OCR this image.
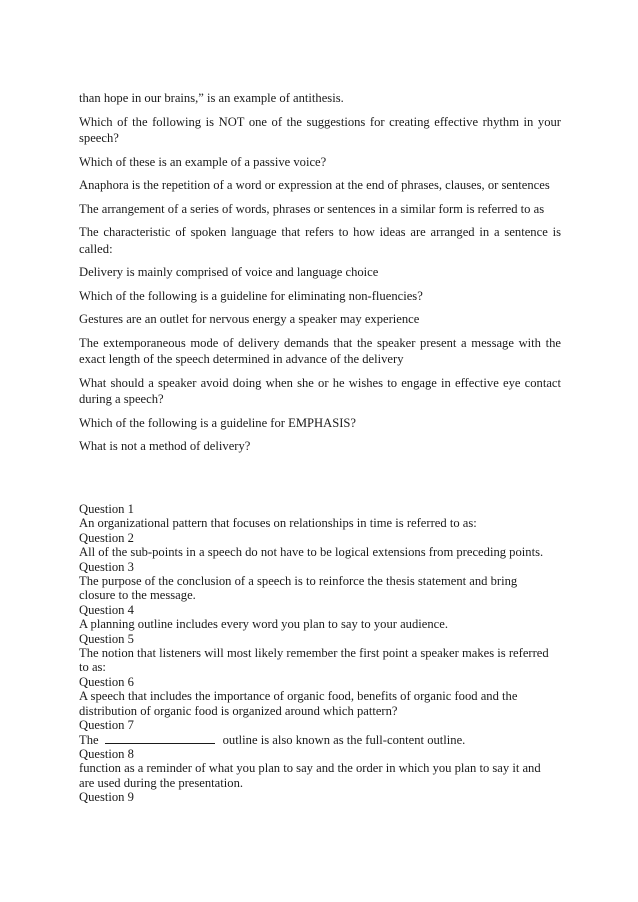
than hope in our brains,” is an example of antithesis.

Which of the following is NOT one of the suggestions for creating effective rhythm in your speech?

Which of these is an example of a passive voice?

Anaphora is the repetition of a word or expression at the end of phrases, clauses, or sentences

The arrangement of a series of words, phrases or sentences in a similar form is referred to as

The characteristic of spoken language that refers to how ideas are arranged in a sentence is called:

Delivery is mainly comprised of voice and language choice

Which of the following is a guideline for eliminating non-fluencies?

Gestures are an outlet for nervous energy a speaker may experience

The extemporaneous mode of delivery demands that the speaker present a message with the exact length of the speech determined in advance of the delivery

What should a speaker avoid doing when she or he wishes to engage in effective eye contact during a speech?

Which of the following is a guideline for EMPHASIS?

What is not a method of delivery?

Question 1

An organizational pattern that focuses on relationships in time is referred to as:

Question 2

All of the sub-points in a speech do not have to be logical extensions from preceding points.

Question 3

The purpose of the conclusion of a speech is to reinforce the thesis statement and bring

closure to the message.

Question 4

A planning outline includes every word you plan to say to your audience.

Question 5

The notion that listeners will most likely remember the first point a speaker makes is referred

to as:

Question 6

A speech that includes the importance of organic food, benefits of organic food and the

distribution of organic food is organized around which pattern?

Question 7

The	outline is also known as the full-content outline.

Question 8

function as a reminder of what you plan to say and the order in which you plan to say it and

are used during the presentation.

Question 9
